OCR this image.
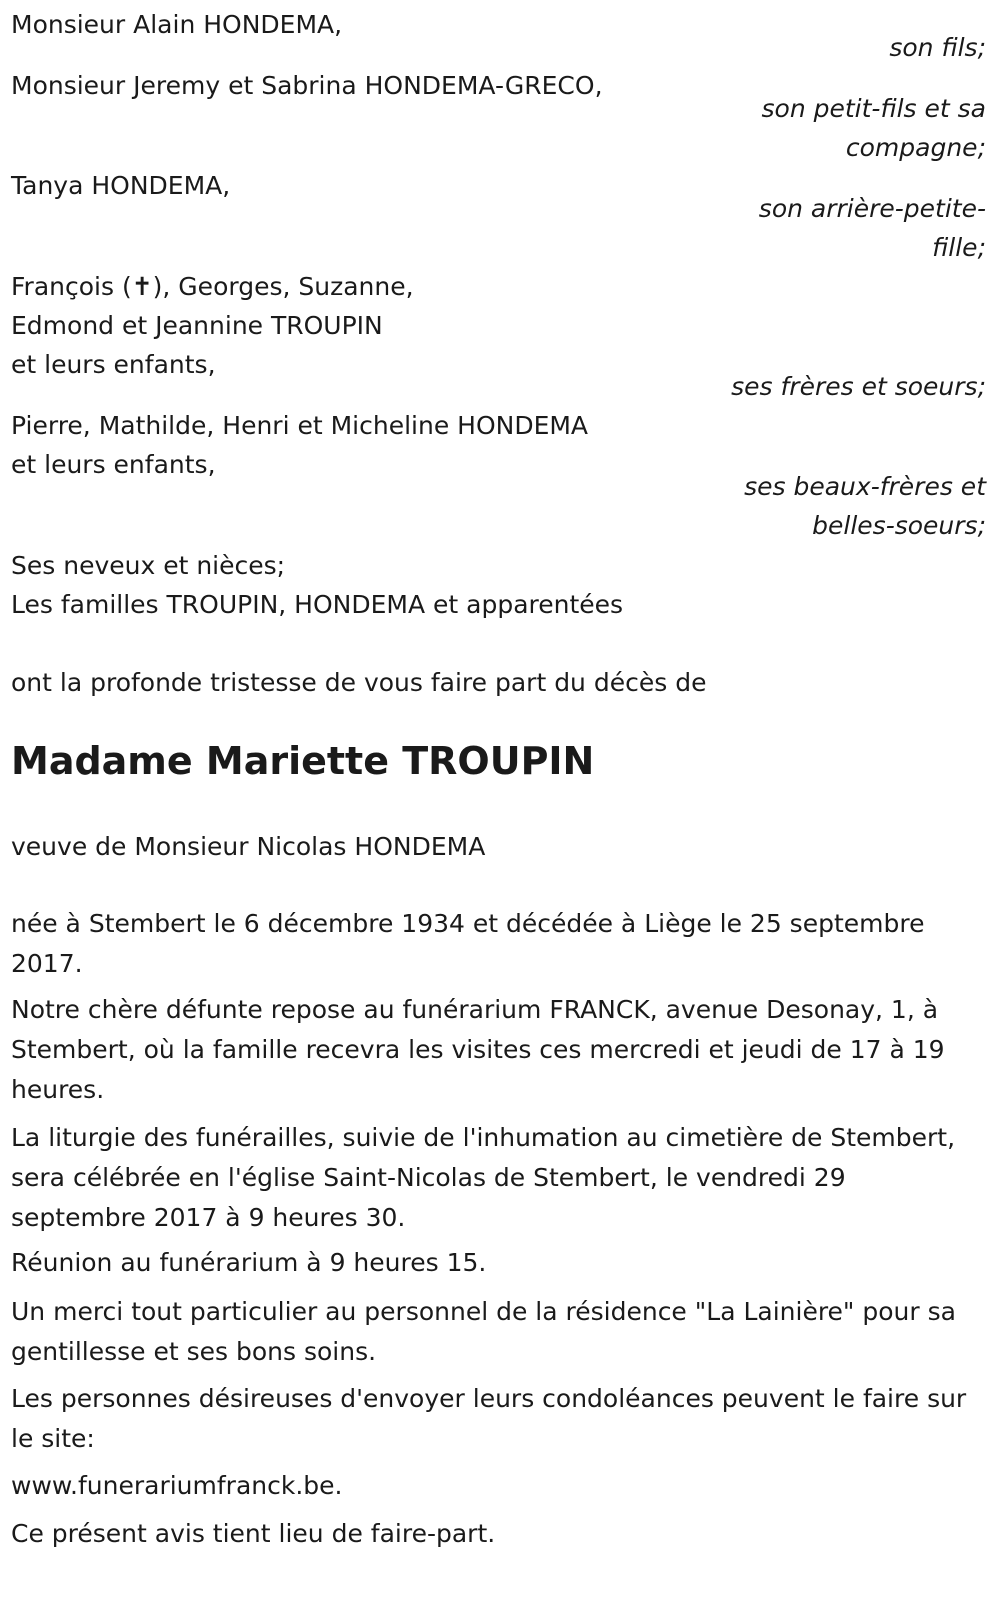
Monsieur Alain HONDEMA,
son fils;
Monsieur Jeremy et Sabrina HONDEMA-GRECO,
son petit-fils et sa
compagne;
Tanya HONDEMA,
son arrière-petite-
fille;
François (✝), Georges, Suzanne,
Edmond et Jeannine TROUPIN
et leurs enfants,
ses frères et soeurs;
Pierre, Mathilde, Henri et Micheline HONDEMA
et leurs enfants,
ses beaux-frères et
belles-soeurs;
Ses neveux et nièces;
Les familles TROUPIN, HONDEMA et apparentées
ont la profonde tristesse de vous faire part du décès de
Madame Mariette TROUPIN
veuve de Monsieur Nicolas HONDEMA
née à Stembert le 6 décembre 1934 et décédée à Liège le 25 septembre 2017.
Notre chère défunte repose au funérarium FRANCK, avenue Desonay, 1, à Stembert, où la famille recevra les visites ces mercredi et jeudi de 17 à 19 heures.
La liturgie des funérailles, suivie de l'inhumation au cimetière de Stembert, sera célébrée en l'église Saint-Nicolas de Stembert, le vendredi 29 septembre 2017 à 9 heures 30.
Réunion au funérarium à 9 heures 15.
Un merci tout particulier au personnel de la résidence "La Lainière" pour sa gentillesse et ses bons soins.
Les personnes désireuses d'envoyer leurs condoléances peuvent le faire sur le site:
www.funerariumfranck.be.
Ce présent avis tient lieu de faire-part.
